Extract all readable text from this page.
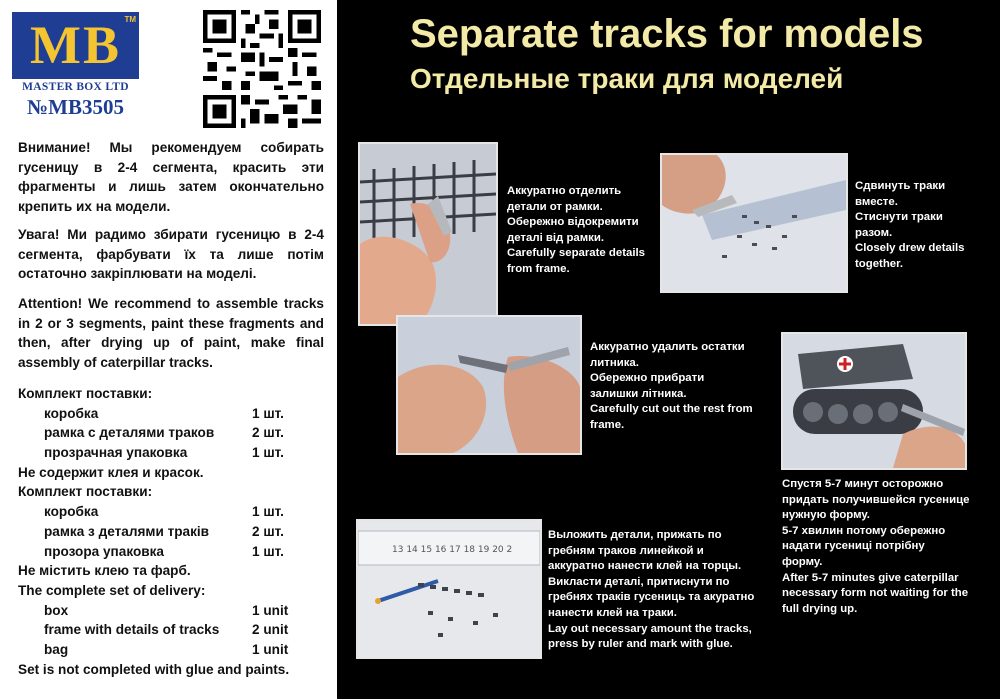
MB TM
MASTER BOX LTD
№MB3505
Внимание! Мы рекомендуем собирать гусеницу в 2-4 сегмента, красить эти фрагменты и лишь затем окончательно крепить их на модели.
Увага! Ми радимо збирати гусеницю в 2-4 сегмента, фарбувати їх та лише потім остаточно закріплювати на моделі.
Attention! We recommend to assemble tracks in 2 or 3 segments, paint these fragments and then, after drying up of paint, make final assembly of caterpillar tracks.
Комплект поставки:
коробка	1 шт.
рамка с деталями траков	2 шт.
прозрачная упаковка	1 шт.
Не содержит клея и красок.
Комплект поставки:
коробка	1 шт.
рамка з деталями траків	2 шт.
прозора упаковка	1 шт.
Не містить клею та фарб.
The complete set of delivery:
box	1 unit
frame with details of tracks 2 unit
bag	1 unit
Set is not completed with glue and paints.
Separate tracks for models
Отдельные траки для моделей
Аккуратно отделить
детали от рамки.
Обережно відокремити
деталі від рамки.
Carefully separate details
from frame.
Сдвинуть траки
вместе.
Стиснути траки
разом.
Closely drew details
together.
Аккуратно удалить остатки
литника.
Обережно прибрати
залишки літника.
Carefully cut out the rest from
frame.
Спустя 5-7 минут осторожно
придать получившейся гусенице
нужную форму.
5-7 хвилин потому обережно
надати гусениці потрібну
форму.
After 5-7 minutes give caterpillar
necessary form not waiting for the
full drying up.
13 14 15 16 17 18 19 20 2
Выложить детали, прижать по
гребням траков линейкой и
аккуратно нанести клей на торцы.
Викласти деталі, притиснути по
гребнях траків гусениць та акуратно
нанести клей на траки.
Lay out necessary amount the tracks,
press by ruler and mark with glue.
